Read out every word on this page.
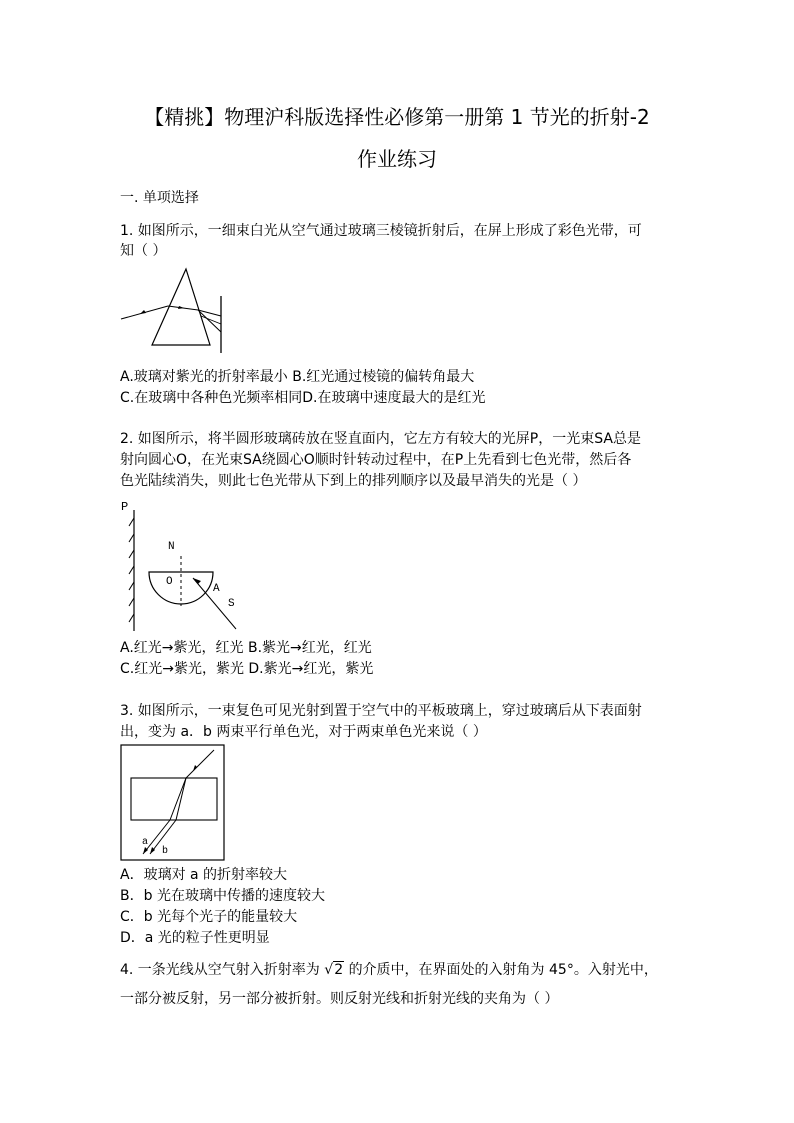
【精挑】物理沪科版选择性必修第一册第 1 节光的折射-2
作业练习
一. 单项选择
1. 如图所示，一细束白光从空气通过玻璃三棱镜折射后，在屏上形成了彩色光带，可
知（ ）
A.玻璃对紫光的折射率最小 B.红光通过棱镜的偏转角最大
C.在玻璃中各种色光频率相同D.在玻璃中速度最大的是红光
2. 如图所示，将半圆形玻璃砖放在竖直面内，它左方有较大的光屏P，一光束SA总是
射向圆心O，在光束SA绕圆心O顺时针转动过程中，在P上先看到七色光带，然后各
色光陆续消失，则此七色光带从下到上的排列顺序以及最早消失的光是（ ）
P
N
O
A
S
A.红光→紫光，红光 B.紫光→红光，红光
C.红光→紫光，紫光 D.紫光→红光，紫光
3. 如图所示，一束复色可见光射到置于空气中的平板玻璃上，穿过玻璃后从下表面射
出，变为 a．b 两束平行单色光，对于两束单色光来说（ ）
a
b
A．玻璃对 a 的折射率较大
B．b 光在玻璃中传播的速度较大
C．b 光每个光子的能量较大
D．a 光的粒子性更明显
4. 一条光线从空气射入折射率为 √2 的介质中，在界面处的入射角为 45°。入射光中，
一部分被反射，另一部分被折射。则反射光线和折射光线的夹角为（ ）
